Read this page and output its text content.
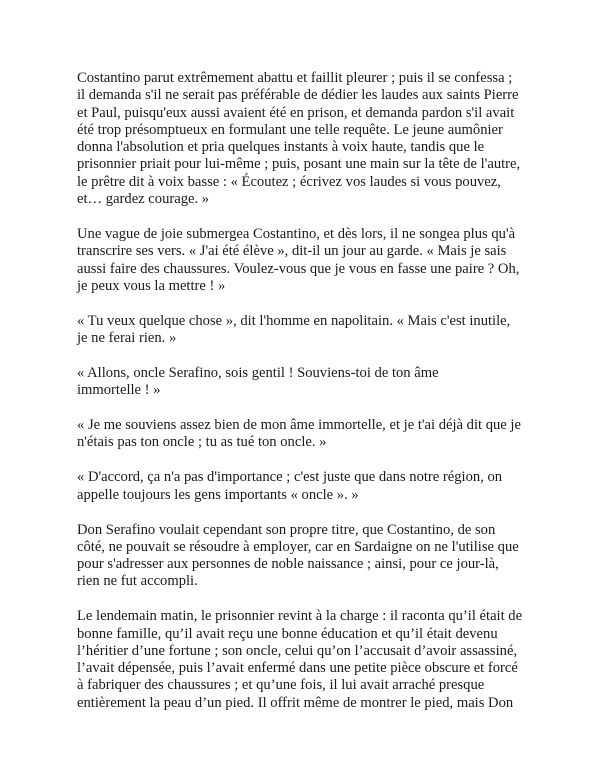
Costantino parut extrêmement abattu et faillit pleurer ; puis il se confessa ;
il demanda s'il ne serait pas préférable de dédier les laudes aux saints Pierre
et Paul, puisqu'eux aussi avaient été en prison, et demanda pardon s'il avait
été trop présomptueux en formulant une telle requête. Le jeune aumônier
donna l'absolution et pria quelques instants à voix haute, tandis que le
prisonnier priait pour lui-même ; puis, posant une main sur la tête de l'autre,
le prêtre dit à voix basse : « Écoutez ; écrivez vos laudes si vous pouvez,
et… gardez courage. »

Une vague de joie submergea Costantino, et dès lors, il ne songea plus qu'à
transcrire ses vers. « J'ai été élève », dit-il un jour au garde. « Mais je sais
aussi faire des chaussures. Voulez-vous que je vous en fasse une paire ? Oh,
je peux vous la mettre ! »

« Tu veux quelque chose », dit l'homme en napolitain. « Mais c'est inutile,
je ne ferai rien. »

« Allons, oncle Serafino, sois gentil ! Souviens-toi de ton âme
immortelle ! »

« Je me souviens assez bien de mon âme immortelle, et je t'ai déjà dit que je
n'étais pas ton oncle ; tu as tué ton oncle. »

« D'accord, ça n'a pas d'importance ; c'est juste que dans notre région, on
appelle toujours les gens importants « oncle ». »

Don Serafino voulait cependant son propre titre, que Costantino, de son
côté, ne pouvait se résoudre à employer, car en Sardaigne on ne l'utilise que
pour s'adresser aux personnes de noble naissance ; ainsi, pour ce jour-là,
rien ne fut accompli.

Le lendemain matin, le prisonnier revint à la charge : il raconta qu’il était de
bonne famille, qu’il avait reçu une bonne éducation et qu’il était devenu
l’héritier d’une fortune ; son oncle, celui qu’on l’accusait d’avoir assassiné,
l’avait dépensée, puis l’avait enfermé dans une petite pièce obscure et forcé
à fabriquer des chaussures ; et qu’une fois, il lui avait arraché presque
entièrement la peau d’un pied. Il offrit même de montrer le pied, mais Don
